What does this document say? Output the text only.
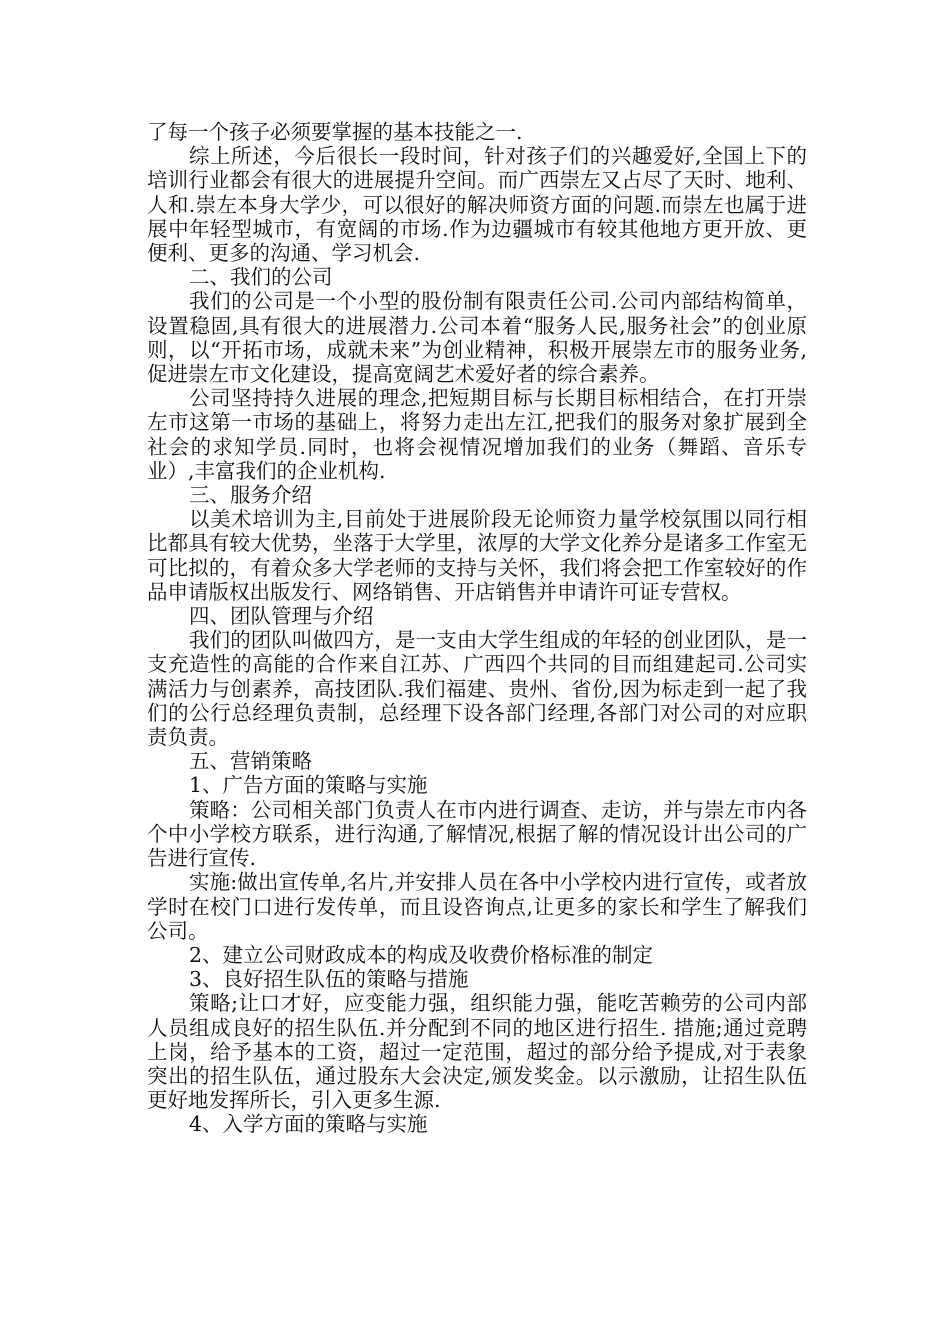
了每一个孩子必须要掌握的基本技能之一.

综上所述，今后很长一段时间，针对孩子们的兴趣爱好,全国上下的培训行业都会有很大的进展提升空间。而广西崇左又占尽了天时、地利、人和.崇左本身大学少，可以很好的解决师资方面的问题.而崇左也属于进展中年轻型城市，有宽阔的市场.作为边疆城市有较其他地方更开放、更便利、更多的沟通、学习机会.

二、我们的公司

我们的公司是一个小型的股份制有限责任公司.公司内部结构简单，设置稳固,具有很大的进展潜力.公司本着“服务人民,服务社会”的创业原则，以“开拓市场，成就未来”为创业精神，积极开展崇左市的服务业务,促进崇左市文化建设，提高宽阔艺术爱好者的综合素养。

公司坚持持久进展的理念,把短期目标与长期目标相结合，在打开崇左市这第一市场的基础上，将努力走出左江,把我们的服务对象扩展到全社会的求知学员.同时，也将会视情况增加我们的业务（舞蹈、音乐专业）,丰富我们的企业机构.

三、服务介绍

以美术培训为主,目前处于进展阶段无论师资力量学校氛围以同行相比都具有较大优势，坐落于大学里，浓厚的大学文化养分是诸多工作室无可比拟的，有着众多大学老师的支持与关怀，我们将会把工作室较好的作品申请版权出版发行、网络销售、开店销售并申请许可证专营权。

四、团队管理与介绍

我们的团队叫做四方，是一支由大学生组成的年轻的创业团队，是一支充造性的高能的合作来自江苏、广西四个共同的目而组建起司.公司实满活力与创素养，高技团队.我们福建、贵州、省份,因为标走到一起了我们的公行总经理负责制，总经理下设各部门经理,各部门对公司的对应职责负责。

五、营销策略

1、广告方面的策略与实施

策略：公司相关部门负责人在市内进行调查、走访，并与崇左市内各个中小学校方联系，进行沟通,了解情况,根据了解的情况设计出公司的广告进行宣传.

实施:做出宣传单,名片,并安排人员在各中小学校内进行宣传，或者放学时在校门口进行发传单，而且设咨询点,让更多的家长和学生了解我们公司。

2、建立公司财政成本的构成及收费价格标准的制定

3、良好招生队伍的策略与措施

策略;让口才好，应变能力强，组织能力强，能吃苦赖劳的公司内部人员组成良好的招生队伍.并分配到不同的地区进行招生. 措施;通过竞聘上岗，给予基本的工资，超过一定范围，超过的部分给予提成,对于表象突出的招生队伍，通过股东大会决定,颁发奖金。以示激励，让招生队伍更好地发挥所长，引入更多生源.

4、入学方面的策略与实施
